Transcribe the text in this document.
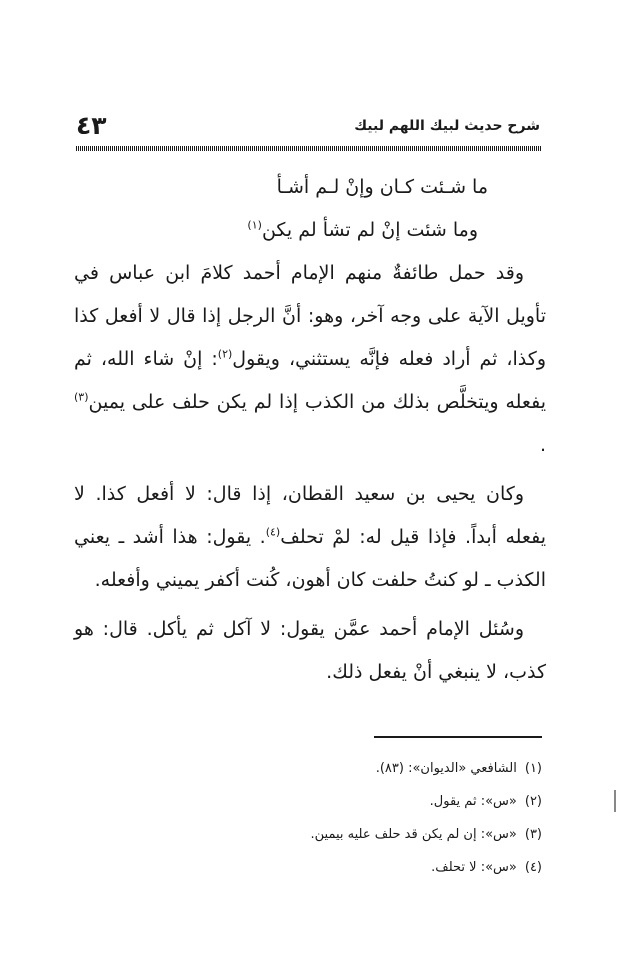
٤٣	شرح حديث لبيك اللهم لبيك

ما شـئت كـان وإنْ لـم أشـأ

وما شئت إنْ لم تشأ لم يكن$^{(١)}$

وقد حمل طائفةٌ منهم الإمام أحمد كلامَ ابن عباس في تأويل الآية على وجه آخر، وهو: أنَّ الرجل إذا قال لا أفعل كذا وكذا، ثم أراد فعله فإنَّه يستثني، ويقول$^{(٢)}$: إنْ شاء الله، ثم يفعله ويتخلَّص بذلك من الكذب إذا لم يكن حلف على يمين$^{(٣)}$ .

وكان يحيى بن سعيد القطان، إذا قال: لا أفعل كذا. لا يفعله أبداً. فإذا قيل له: لمْ تحلف$^{(٤)}$. يقول: هذا أشد ـ يعني الكذب ـ لو كنتُ حلفت كان أهون، كُنت أكفر يميني وأفعله.

وسُئل الإمام أحمد عمَّن يقول: لا آكل ثم يأكل. قال: هو كذب، لا ينبغي أنْ يفعل ذلك.

(١)الشافعي «الديوان»: (٨٣).

(٢)«س»: ثم يقول.

(٣)«س»: إن لم يكن قد حلف عليه بيمين.

(٤)«س»: لا تحلف.
